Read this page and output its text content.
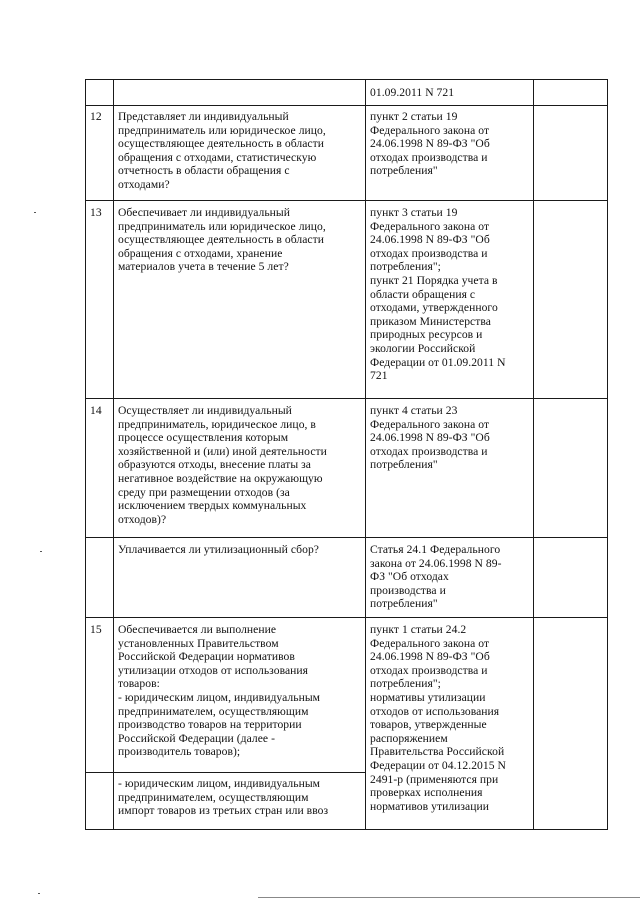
01.09.2011 N 721
12 Представляет ли индивидуальный
предприниматель или юридическое лицо,
осуществляющее деятельность в области
обращения с отходами, статистическую
отчетность в области обращения с
отходами?
пункт 2 статьи 19
Федерального закона от
24.06.1998 N 89-ФЗ "Об
отходах производства и
потребления"
13 Обеспечивает ли индивидуальный
предприниматель или юридическое лицо,
осуществляющее деятельность в области
обращения с отходами, хранение
материалов учета в течение 5 лет?
пункт 3 статьи 19
Федерального закона от
24.06.1998 N 89-ФЗ "Об
отходах производства и
потребления";
пункт 21 Порядка учета в
области обращения с
отходами, утвержденного
приказом Министерства
природных ресурсов и
экологии Российской
Федерации от 01.09.2011 N
721
14 Осуществляет ли индивидуальный
предприниматель, юридическое лицо, в
процессе осуществления которым
хозяйственной и (или) иной деятельности
образуются отходы, внесение платы за
негативное воздействие на окружающую
среду при размещении отходов (за
исключением твердых коммунальных
отходов)?
пункт 4 статьи 23
Федерального закона от
24.06.1998 N 89-ФЗ "Об
отходах производства и
потребления"
Уплачивается ли утилизационный сбор?	Статья 24.1 Федерального
закона от 24.06.1998 N 89-
ФЗ "Об отходах
производства и
потребления"
15 Обеспечивается ли выполнение
установленных Правительством
Российской Федерации нормативов
утилизации отходов от использования
товаров:
- юридическим лицом, индивидуальным
предпринимателем, осуществляющим
производство товаров на территории
Российской Федерации (далее -
производитель товаров);
пункт 1 статьи 24.2
Федерального закона от
24.06.1998 N 89-ФЗ "Об
отходах производства и
потребления";
нормативы утилизации
отходов от использования
товаров, утвержденные
распоряжением
Правительства Российской
Федерации от 04.12.2015 N
2491-р (применяются при
проверках исполнения
нормативов утилизации
- юридическим лицом, индивидуальным
предпринимателем, осуществляющим
импорт товаров из третьих стран или ввоз
